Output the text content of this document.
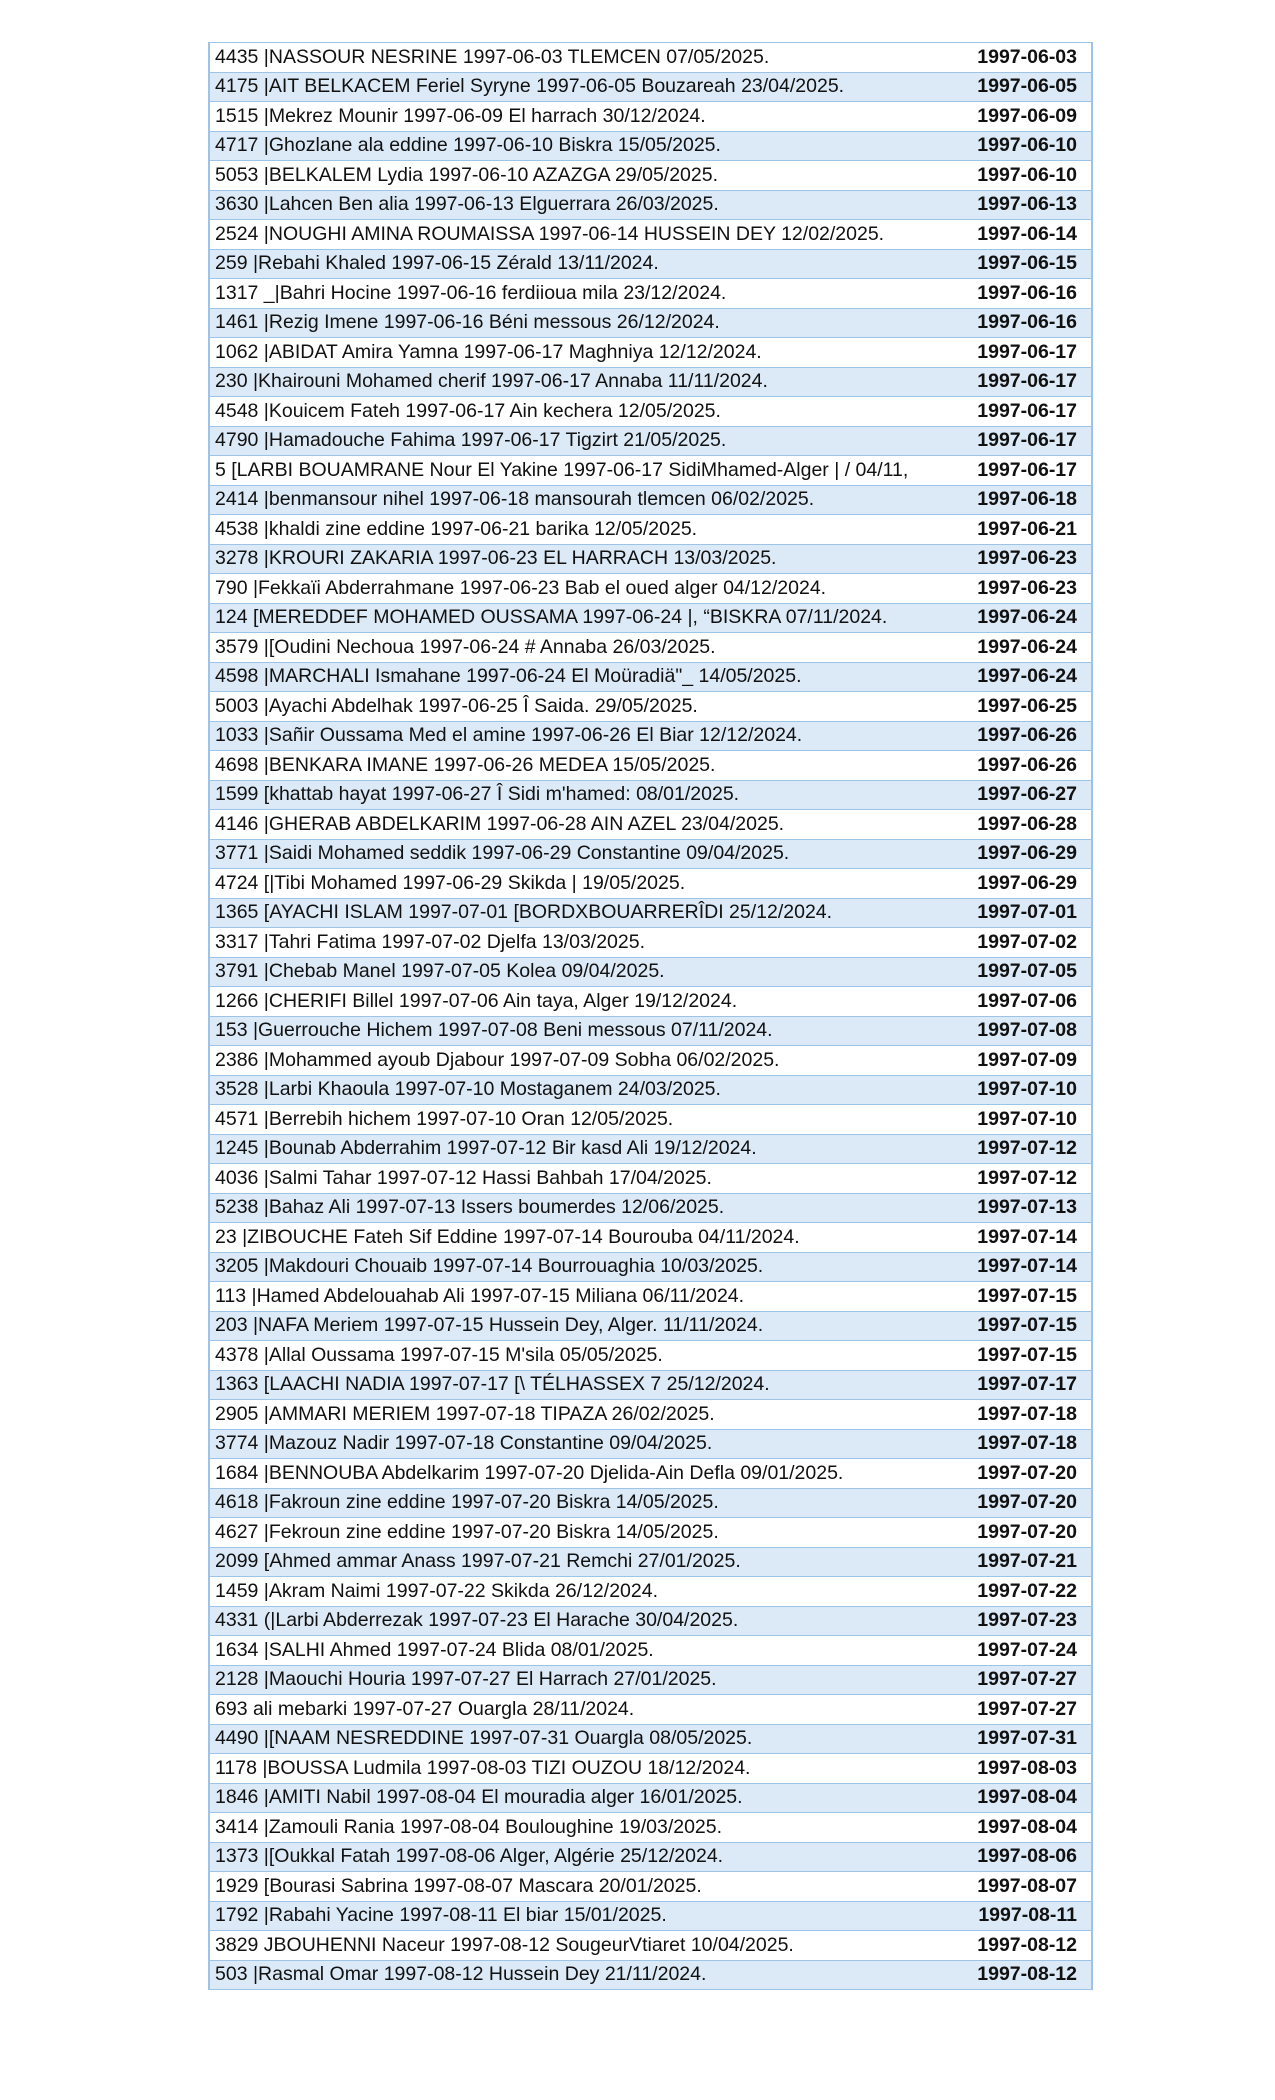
4435 |NASSOUR NESRINE 1997-06-03 TLEMCEN 07/05/2025.	1997-06-03
4175 |AIT BELKACEM Feriel Syryne 1997-06-05 Bouzareah 23/04/2025.	1997-06-05
1515 |Mekrez Mounir 1997-06-09 El harrach 30/12/2024.	1997-06-09
4717 |Ghozlane ala eddine 1997-06-10 Biskra 15/05/2025.	1997-06-10
5053 |BELKALEM Lydia 1997-06-10 AZAZGA 29/05/2025.	1997-06-10
3630 |Lahcen Ben alia 1997-06-13 Elguerrara 26/03/2025.	1997-06-13
2524 |NOUGHI AMINA ROUMAISSA 1997-06-14 HUSSEIN DEY 12/02/2025.	1997-06-14
259 |Rebahi Khaled 1997-06-15 Zérald 13/11/2024.	1997-06-15
1317 _|Bahri Hocine 1997-06-16 ferdiioua mila 23/12/2024.	1997-06-16
1461 |Rezig Imene 1997-06-16 Béni messous 26/12/2024.	1997-06-16
1062 |ABIDAT Amira Yamna 1997-06-17 Maghniya 12/12/2024.	1997-06-17
230 |Khairouni Mohamed cherif 1997-06-17 Annaba 11/11/2024.	1997-06-17
4548 |Kouicem Fateh 1997-06-17 Ain kechera 12/05/2025.	1997-06-17
4790 |Hamadouche Fahima 1997-06-17 Tigzirt 21/05/2025.	1997-06-17
5 [LARBI BOUAMRANE Nour El Yakine 1997-06-17 SidiMhamed-Alger | / 04/11,	1997-06-17
2414 |benmansour nihel 1997-06-18 mansourah tlemcen 06/02/2025.	1997-06-18
4538 |khaldi zine eddine 1997-06-21 barika 12/05/2025.	1997-06-21
3278 |KROURI ZAKARIA 1997-06-23 EL HARRACH 13/03/2025.	1997-06-23
790 |Fekkaïi Abderrahmane 1997-06-23 Bab el oued alger 04/12/2024.	1997-06-23
124 [MEREDDEF MOHAMED OUSSAMA 1997-06-24 |, “BISKRA 07/11/2024.	1997-06-24
3579 |[Oudini Nechoua 1997-06-24 # Annaba 26/03/2025.	1997-06-24
4598 |MARCHALI Ismahane 1997-06-24 El Moüradiä"_ 14/05/2025.	1997-06-24
5003 |Ayachi Abdelhak 1997-06-25 Î Saida. 29/05/2025.	1997-06-25
1033 |Sañir Oussama Med el amine 1997-06-26 El Biar 12/12/2024.	1997-06-26
4698 |BENKARA IMANE 1997-06-26 MEDEA 15/05/2025.	1997-06-26
1599 [khattab hayat 1997-06-27 Î Sidi m'hamed: 08/01/2025.	1997-06-27
4146 |GHERAB ABDELKARIM 1997-06-28 AIN AZEL 23/04/2025.	1997-06-28
3771 |Saidi Mohamed seddik 1997-06-29 Constantine 09/04/2025.	1997-06-29
4724 [|Tibi Mohamed 1997-06-29 Skikda | 19/05/2025.	1997-06-29
1365 [AYACHI ISLAM 1997-07-01 [BORDXBOUARRERÎDI 25/12/2024.	1997-07-01
3317 |Tahri Fatima 1997-07-02 Djelfa 13/03/2025.	1997-07-02
3791 |Chebab Manel 1997-07-05 Kolea 09/04/2025.	1997-07-05
1266 |CHERIFI Billel 1997-07-06 Ain taya, Alger 19/12/2024.	1997-07-06
153 |Guerrouche Hichem 1997-07-08 Beni messous 07/11/2024.	1997-07-08
2386 |Mohammed ayoub Djabour 1997-07-09 Sobha 06/02/2025.	1997-07-09
3528 |Larbi Khaoula 1997-07-10 Mostaganem 24/03/2025.	1997-07-10
4571 |Berrebih hichem 1997-07-10 Oran 12/05/2025.	1997-07-10
1245 |Bounab Abderrahim 1997-07-12 Bir kasd Ali 19/12/2024.	1997-07-12
4036 |Salmi Tahar 1997-07-12 Hassi Bahbah 17/04/2025.	1997-07-12
5238 |Bahaz Ali 1997-07-13 Issers boumerdes 12/06/2025.	1997-07-13
23 |ZIBOUCHE Fateh Sif Eddine 1997-07-14 Bourouba 04/11/2024.	1997-07-14
3205 |Makdouri Chouaib 1997-07-14 Bourrouaghia 10/03/2025.	1997-07-14
113 |Hamed Abdelouahab Ali 1997-07-15 Miliana 06/11/2024.	1997-07-15
203 |NAFA Meriem 1997-07-15 Hussein Dey, Alger. 11/11/2024.	1997-07-15
4378 |Allal Oussama 1997-07-15 M'sila 05/05/2025.	1997-07-15
1363 [LAACHI NADIA 1997-07-17 [\ TÉLHASSEX 7 25/12/2024.	1997-07-17
2905 |AMMARI MERIEM 1997-07-18 TIPAZA 26/02/2025.	1997-07-18
3774 |Mazouz Nadir 1997-07-18 Constantine 09/04/2025.	1997-07-18
1684 |BENNOUBA Abdelkarim 1997-07-20 Djelida-Ain Defla 09/01/2025.	1997-07-20
4618 |Fakroun zine eddine 1997-07-20 Biskra 14/05/2025.	1997-07-20
4627 |Fekroun zine eddine 1997-07-20 Biskra 14/05/2025.	1997-07-20
2099 [Ahmed ammar Anass 1997-07-21 Remchi 27/01/2025.	1997-07-21
1459 |Akram Naimi 1997-07-22 Skikda 26/12/2024.	1997-07-22
4331 (|Larbi Abderrezak 1997-07-23 El Harache 30/04/2025.	1997-07-23
1634 |SALHI Ahmed 1997-07-24 Blida 08/01/2025.	1997-07-24
2128 |Maouchi Houria 1997-07-27 El Harrach 27/01/2025.	1997-07-27
693 ali mebarki 1997-07-27 Ouargla 28/11/2024.	1997-07-27
4490 |[NAAM NESREDDINE 1997-07-31 Ouargla 08/05/2025.	1997-07-31
1178 |BOUSSA Ludmila 1997-08-03 TIZI OUZOU 18/12/2024.	1997-08-03
1846 |AMITI Nabil 1997-08-04 El mouradia alger 16/01/2025.	1997-08-04
3414 |Zamouli Rania 1997-08-04 Bouloughine 19/03/2025.	1997-08-04
1373 |[Oukkal Fatah 1997-08-06 Alger, Algérie 25/12/2024.	1997-08-06
1929 [Bourasi Sabrina 1997-08-07 Mascara 20/01/2025.	1997-08-07
1792 |Rabahi Yacine 1997-08-11 El biar 15/01/2025.	1997-08-11
3829 JBOUHENNI Naceur 1997-08-12 SougeurVtiaret 10/04/2025.	1997-08-12
503 |Rasmal Omar 1997-08-12 Hussein Dey 21/11/2024.	1997-08-12
